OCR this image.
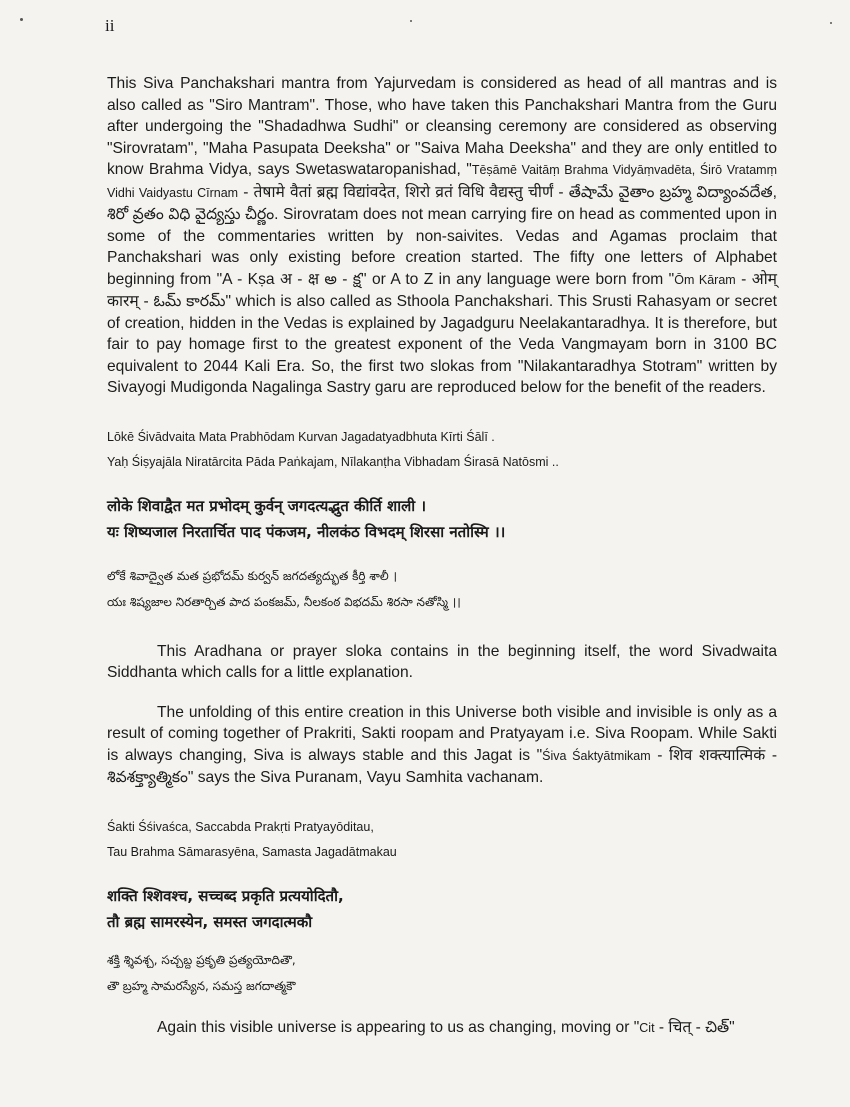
ii

This Siva Panchakshari mantra from Yajurvedam is considered as head of all mantras and is also called as "Siro Mantram". Those, who have taken this Panchakshari Mantra from the Guru after undergoing the "Shadadhwa Sudhi" or cleansing ceremony are considered as observing "Sirovratam", "Maha Pasupata Deeksha" or "Saiva Maha Deeksha" and they are only entitled to know Brahma Vidya, says Swetaswataropanishad, "Tēṣāmē Vaitāṃ Brahma Vidyāṃvadēta, Śirō Vratamṃ Vidhi Vaidyastu Cīrnam - तेषामे वैतां ब्रह्म विद्यांवदेत, शिरो व्रतं विधि वैद्यस्तु चीर्णं - తేషామే వైతాం బ్రహ్మ విద్యాంవదేత, శిరో వ్రతం విధి వైద్యస్తు చీర్ణం. Sirovratam does not mean carrying fire on head as commented upon in some of the commentaries written by non-saivites. Vedas and Agamas proclaim that Panchakshari was only existing before creation started. The fifty one letters of Alphabet beginning from "A - Kṣa अ - क्ष అ - క్ష" or A to Z in any language were born from "Ōm Kāram - ओम् कारम् - ఓమ్ కారమ్" which is also called as Sthoola Panchakshari. This Srusti Rahasyam or secret of creation, hidden in the Vedas is explained by Jagadguru Neelakantaradhya. It is therefore, but fair to pay homage first to the greatest exponent of the Veda Vangmayam born in 3100 BC equivalent to 2044 Kali Era. So, the first two slokas from "Nilakantaradhya Stotram" written by Sivayogi Mudigonda Nagalinga Sastry garu are reproduced below for the benefit of the readers.

Lōkē Śivādvaita Mata Prabhōdam Kurvan Jagadatyadbhuta Kīrti Śālī .

Yaḥ Śiṣyajāla Niratārcita Pāda Paṅkajam, Nīlakanṭha Vibhadam Śirasā Natōsmi ..

लोके शिवाद्वैत मत प्रभोदम् कुर्वन् जगदत्यद्भुत कीर्ति शाली ।

यः शिष्यजाल निरतार्चित पाद पंकजम, नीलकंठ विभदम् शिरसा नतोस्मि ।।

లోకే శివాద్వైత మత ప్రభోదమ్ కుర్వన్ జగదత్యద్భుత కీర్తి శాలీ ।

యః శిష్యజాల నిరతార్చిత పాద పంకజమ్, నీలకంఠ విభదమ్ శిరసా నతోస్మి ।।

This Aradhana or prayer sloka contains in the beginning itself, the word Sivadwaita Siddhanta which calls for a little explanation.

The unfolding of this entire creation in this Universe both visible and invisible is only as a result of coming together of Prakriti, Sakti roopam and Pratyayam i.e. Siva Roopam. While Sakti is always changing, Siva is always stable and this Jagat is "Śiva Śaktyātmikam - शिव शक्त्यात्मिकं - శివశక్త్యాత్మికం" says the Siva Puranam, Vayu Samhita vachanam.

Śakti Śśivaśca, Saccabda Prakṛti Pratyayōditau,

Tau Brahma Sāmarasyēna, Samasta Jagadātmakau

शक्ति श्शिवश्च, सच्चब्द प्रकृति प्रत्ययोदितौ,

तौ ब्रह्म सामरस्येन, समस्त जगदात्मकौ

శక్తి శ్శివశ్చ, సచ్చబ్ద ప్రకృతి ప్రత్యయోదితౌ,

తౌ బ్రహ్మ సామరస్యేన, సమస్త జగదాత్మకౌ

Again this visible universe is appearing to us as changing, moving or "Cit - चित् - చిత్"
